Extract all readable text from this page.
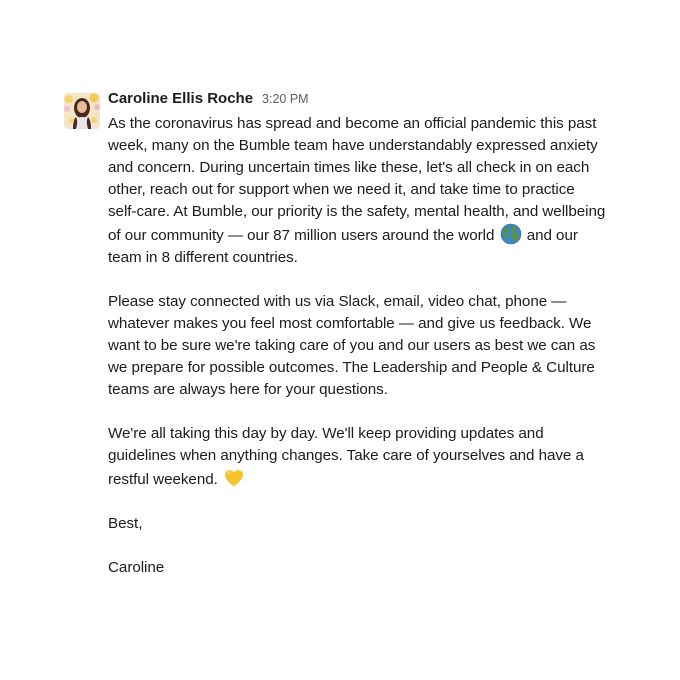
Caroline Ellis Roche 3:20 PM

As the coronavirus has spread and become an official pandemic this past

week, many on the Bumble team have understandably expressed anxiety

and concern. During uncertain times like these, let's all check in on each

other, reach out for support when we need it, and take time to practice

self-care. At Bumble, our priority is the safety, mental health, and wellbeing

of our community — our 87 million users around the world and our

team in 8 different countries.

Please stay connected with us via Slack, email, video chat, phone —

whatever makes you feel most comfortable — and give us feedback. We

want to be sure we're taking care of you and our users as best we can as

we prepare for possible outcomes. The Leadership and People & Culture

teams are always here for your questions.

We're all taking this day by day. We'll keep providing updates and

guidelines when anything changes. Take care of yourselves and have a

restful weekend.

Best,

Caroline
